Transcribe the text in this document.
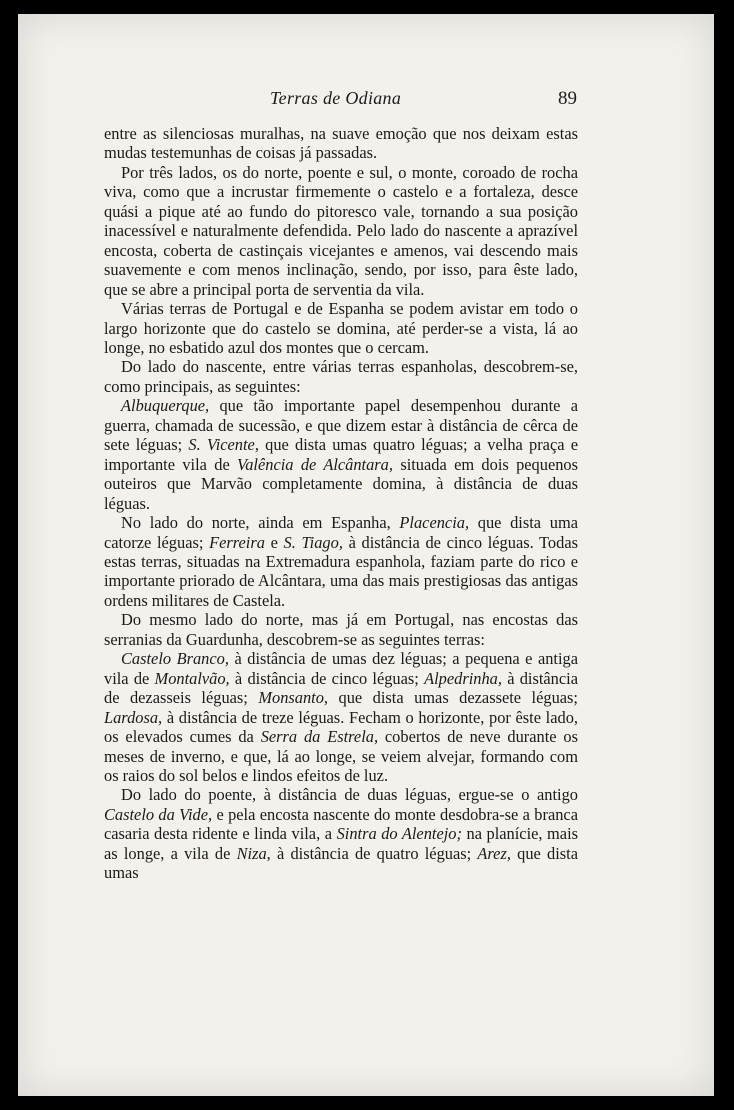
Terras de Odiana	89

entre as silenciosas muralhas, na suave emoção que nos deixam estas mudas testemunhas de coisas já passadas.

Por três lados, os do norte, poente e sul, o monte, coroado de rocha viva, como que a incrustar firmemente o castelo e a fortaleza, desce quási a pique até ao fundo do pitoresco vale, tornando a sua posição inacessível e naturalmente defendida. Pelo lado do nascente a aprazível encosta, coberta de castinçais vicejantes e amenos, vai descendo mais suavemente e com menos inclinação, sendo, por isso, para êste lado, que se abre a principal porta de serventia da vila.

Várias terras de Portugal e de Espanha se podem avistar em todo o largo horizonte que do castelo se domina, até perder-se a vista, lá ao longe, no esbatido azul dos montes que o cercam.

Do lado do nascente, entre várias terras espanholas, descobrem-se, como principais, as seguintes:

Albuquerque, que tão importante papel desempenhou durante a guerra, chamada de sucessão, e que dizem estar à distância de cêrca de sete léguas; S. Vicente, que dista umas quatro léguas; a velha praça e importante vila de Valência de Alcântara, situada em dois pequenos outeiros que Marvão completamente domina, à distância de duas léguas.

No lado do norte, ainda em Espanha, Placencia, que dista uma catorze léguas; Ferreira e S. Tiago, à distância de cinco léguas. Todas estas terras, situadas na Extremadura espanhola, faziam parte do rico e importante priorado de Alcântara, uma das mais prestigiosas das antigas ordens militares de Castela.

Do mesmo lado do norte, mas já em Portugal, nas encostas das serranias da Guardunha, descobrem-se as seguintes terras:

Castelo Branco, à distância de umas dez léguas; a pequena e antiga vila de Montalvão, à distância de cinco léguas; Alpedrinha, à distância de dezasseis léguas; Monsanto, que dista umas dezassete léguas; Lardosa, à distância de treze léguas. Fecham o horizonte, por êste lado, os elevados cumes da Serra da Estrela, cobertos de neve durante os meses de inverno, e que, lá ao longe, se veiem alvejar, formando com os raios do sol belos e lindos efeitos de luz.

Do lado do poente, à distância de duas léguas, ergue-se o antigo Castelo da Vide, e pela encosta nascente do monte desdobra-se a branca casaria desta ridente e linda vila, a Sintra do Alentejo; na planície, mais as longe, a vila de Niza, à distância de quatro léguas; Arez, que dista umas
